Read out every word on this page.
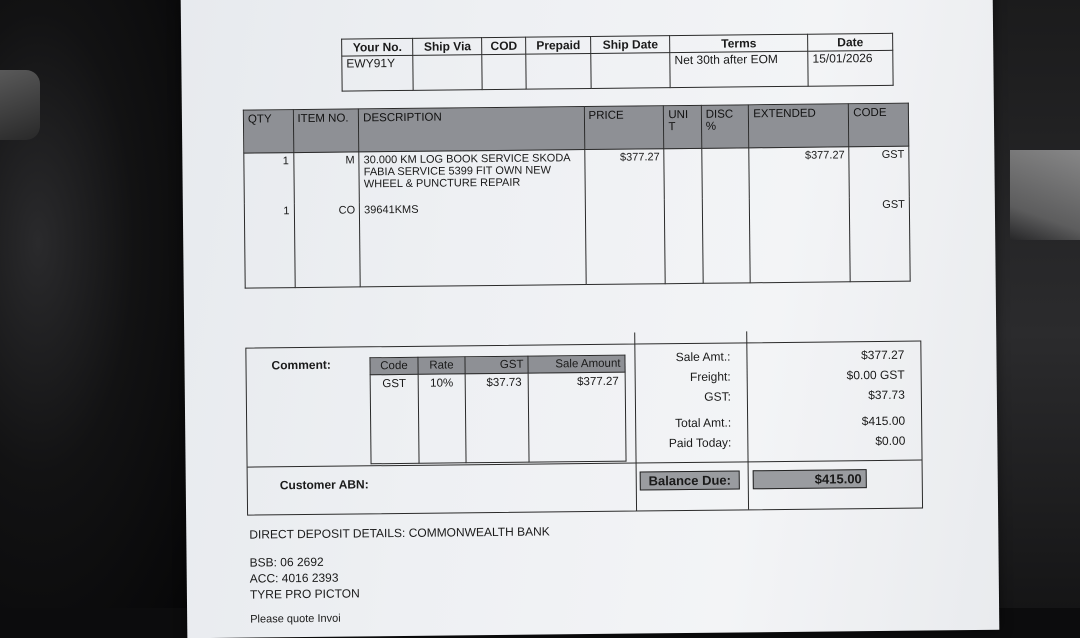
Your No.	Ship Via	COD	Prepaid	Ship Date	Terms	Date
EWY91Y					Net 30th after EOM	15/01/2026
QTY	ITEM NO.	DESCRIPTION	PRICE	UNI T	DISC %	EXTENDED	CODE
1	M	30.000 KM LOG BOOK SERVICE SKODA FABIA SERVICE 5399 FIT OWN NEW WHEEL & PUNCTURE REPAIR	$377.27			$377.27	GST
1	CO	39641KMS					GST
Comment:	Code	Rate	GST	Sale Amount
GST	10%	$37.73	$377.27
Sale Amt.:	$377.27
Freight:	$0.00 GST
GST:	$37.73
Total Amt.:	$415.00
Paid Today:	$0.00
Customer ABN:	Balance Due:	$415.00
DIRECT DEPOSIT DETAILS: COMMONWEALTH BANK
BSB: 06 2692
ACC: 4016 2393
TYRE PRO PICTON
Please quote Invoi
